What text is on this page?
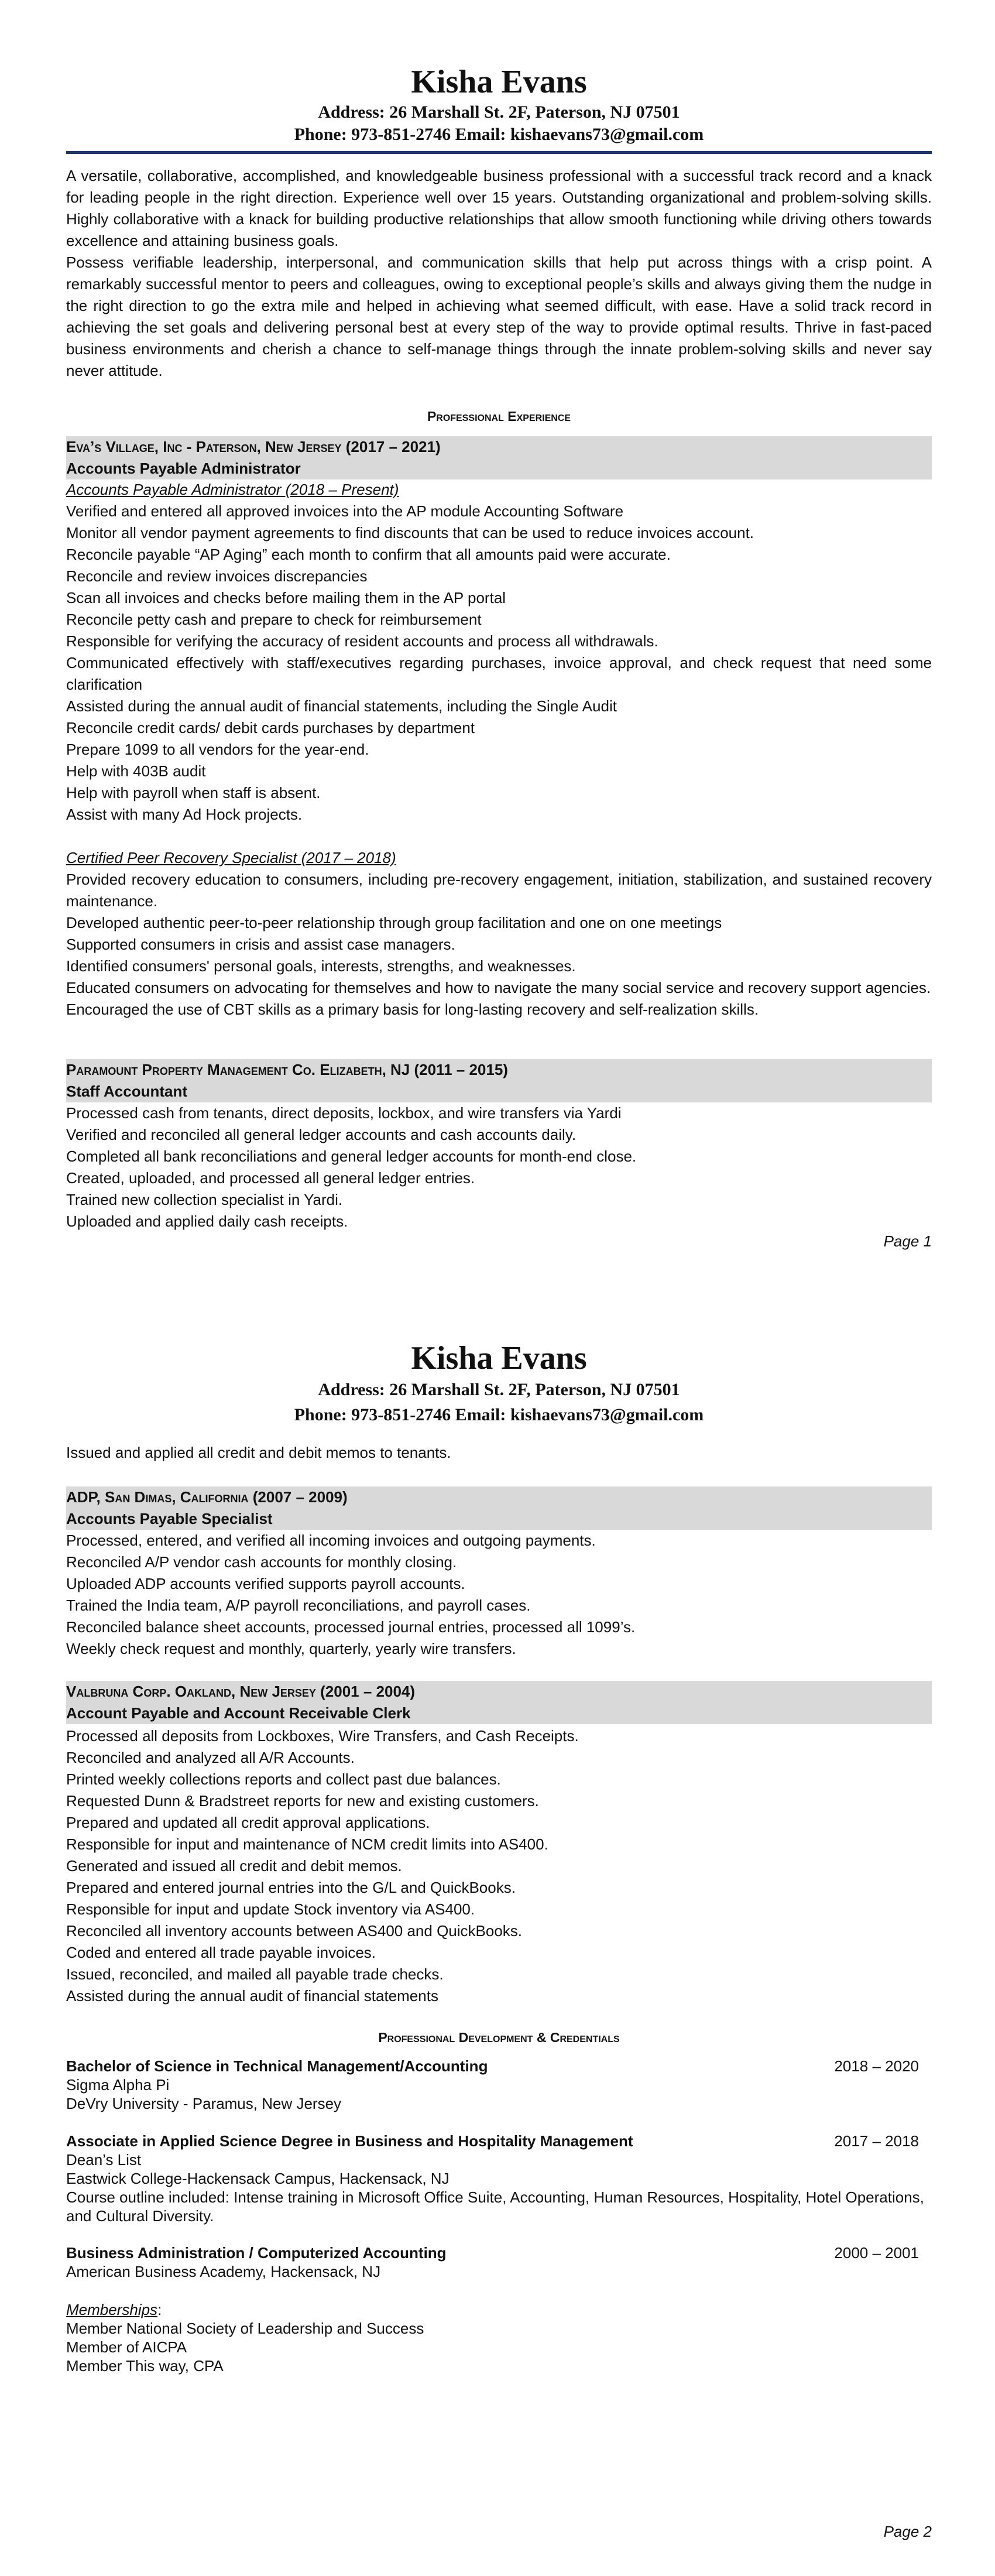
Kisha Evans
Address: 26 Marshall St. 2F, Paterson, NJ 07501
Phone: 973-851-2746 Email: kishaevans73@gmail.com

A versatile, collaborative, accomplished, and knowledgeable business professional with a successful track record and a knack for leading people in the right direction. Experience well over 15 years. Outstanding organizational and problem-solving skills. Highly collaborative with a knack for building productive relationships that allow smooth functioning while driving others towards excellence and attaining business goals.

Possess verifiable leadership, interpersonal, and communication skills that help put across things with a crisp point. A remarkably successful mentor to peers and colleagues, owing to exceptional people’s skills and always giving them the nudge in the right direction to go the extra mile and helped in achieving what seemed difficult, with ease. Have a solid track record in achieving the set goals and delivering personal best at every step of the way to provide optimal results. Thrive in fast-paced business environments and cherish a chance to self-manage things through the innate problem-solving skills and never say never attitude.

Professional Experience
Eva’s Village, Inc - Paterson, New Jersey (2017 – 2021)
Accounts Payable Administrator
Accounts Payable Administrator (2018 – Present)
Verified and entered all approved invoices into the AP module Accounting Software
Monitor all vendor payment agreements to find discounts that can be used to reduce invoices account.
Reconcile payable “AP Aging” each month to confirm that all amounts paid were accurate.
Reconcile and review invoices discrepancies
Scan all invoices and checks before mailing them in the AP portal
Reconcile petty cash and prepare to check for reimbursement
Responsible for verifying the accuracy of resident accounts and process all withdrawals.
Communicated effectively with staff/executives regarding purchases, invoice approval, and check request that need some clarification
Assisted during the annual audit of financial statements, including the Single Audit
Reconcile credit cards/ debit cards purchases by department
Prepare 1099 to all vendors for the year-end.
Help with 403B audit
Help with payroll when staff is absent.
Assist with many Ad Hock projects.
Certified Peer Recovery Specialist (2017 – 2018)
Provided recovery education to consumers, including pre-recovery engagement, initiation, stabilization, and sustained recovery maintenance.
Developed authentic peer-to-peer relationship through group facilitation and one on one meetings
Supported consumers in crisis and assist case managers.
Identified consumers' personal goals, interests, strengths, and weaknesses.
Educated consumers on advocating for themselves and how to navigate the many social service and recovery support agencies.
Encouraged the use of CBT skills as a primary basis for long-lasting recovery and self-realization skills.
Paramount Property Management Co. Elizabeth, NJ (2011 – 2015)
Staff Accountant
Processed cash from tenants, direct deposits, lockbox, and wire transfers via Yardi
Verified and reconciled all general ledger accounts and cash accounts daily.
Completed all bank reconciliations and general ledger accounts for month-end close.
Created, uploaded, and processed all general ledger entries.
Trained new collection specialist in Yardi.
Uploaded and applied daily cash receipts.
Page 1
Kisha Evans
Address: 26 Marshall St. 2F, Paterson, NJ 07501
Phone: 973-851-2746 Email: kishaevans73@gmail.com
Issued and applied all credit and debit memos to tenants.
ADP, San Dimas, California (2007 – 2009)
Accounts Payable Specialist
Processed, entered, and verified all incoming invoices and outgoing payments.
Reconciled A/P vendor cash accounts for monthly closing.
Uploaded ADP accounts verified supports payroll accounts.
Trained the India team, A/P payroll reconciliations, and payroll cases.
Reconciled balance sheet accounts, processed journal entries, processed all 1099’s.
Weekly check request and monthly, quarterly, yearly wire transfers.
Valbruna Corp. Oakland, New Jersey (2001 – 2004)
Account Payable and Account Receivable Clerk
Processed all deposits from Lockboxes, Wire Transfers, and Cash Receipts.
Reconciled and analyzed all A/R Accounts.
Printed weekly collections reports and collect past due balances.
Requested Dunn & Bradstreet reports for new and existing customers.
Prepared and updated all credit approval applications.
Responsible for input and maintenance of NCM credit limits into AS400.
Generated and issued all credit and debit memos.
Prepared and entered journal entries into the G/L and QuickBooks.
Responsible for input and update Stock inventory via AS400.
Reconciled all inventory accounts between AS400 and QuickBooks.
Coded and entered all trade payable invoices.
Issued, reconciled, and mailed all payable trade checks.
Assisted during the annual audit of financial statements
Professional Development & Credentials
Bachelor of Science in Technical Management/Accounting	2018 – 2020
Sigma Alpha Pi
DeVry University - Paramus, New Jersey
Associate in Applied Science Degree in Business and Hospitality Management	2017 – 2018
Dean’s List
Eastwick College-Hackensack Campus, Hackensack, NJ
Course outline included: Intense training in Microsoft Office Suite, Accounting, Human Resources, Hospitality, Hotel Operations, and Cultural Diversity.
Business Administration / Computerized Accounting	2000 – 2001
American Business Academy, Hackensack, NJ
Memberships:
Member National Society of Leadership and Success
Member of AICPA
Member This way, CPA
Page 2
